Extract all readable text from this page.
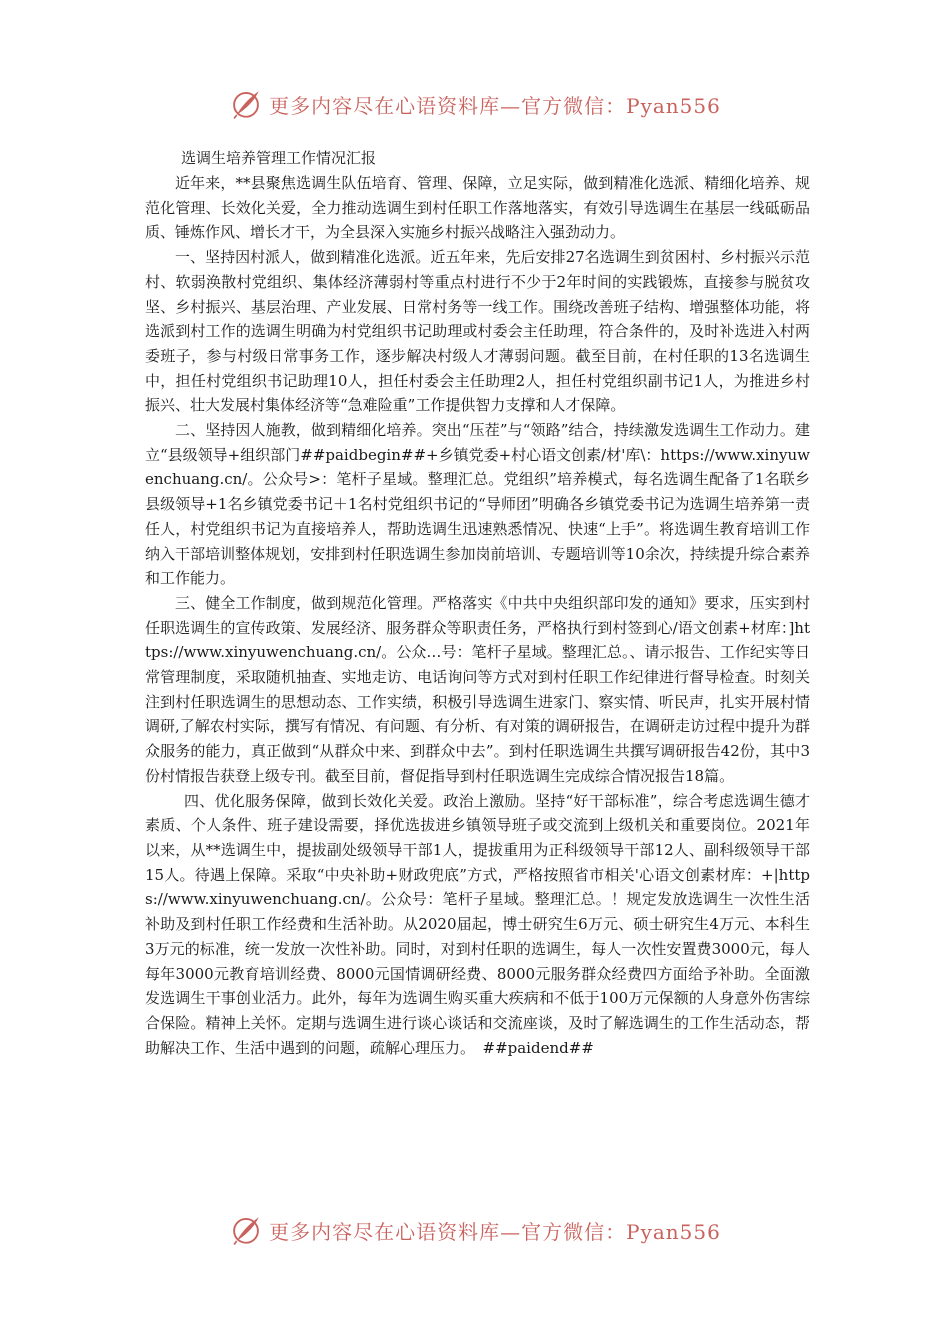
更多内容尽在心语资料库—官方微信：Pyan556
选调生培养管理工作情况汇报

近年来，**县聚焦选调生队伍培育、管理、保障，立足实际，做到精准化选派、精细化培养、规范化管理、长效化关爱，全力推动选调生到村任职工作落地落实，有效引导选调生在基层一线砥砺品质、锤炼作风、增长才干，为全县深入实施乡村振兴战略注入强劲动力。

一、坚持因村派人，做到精准化选派。近五年来，先后安排27名选调生到贫困村、乡村振兴示范村、软弱涣散村党组织、集体经济薄弱村等重点村进行不少于2年时间的实践锻炼，直接参与脱贫攻坚、乡村振兴、基层治理、产业发展、日常村务等一线工作。围绕改善班子结构、增强整体功能，将选派到村工作的选调生明确为村党组织书记助理或村委会主任助理，符合条件的，及时补选进入村两委班子，参与村级日常事务工作，逐步解决村级人才薄弱问题。截至目前，在村任职的13名选调生中，担任村党组织书记助理10人，担任村委会主任助理2人，担任村党组织副书记1人，为推进乡村振兴、壮大发展村集体经济等“急难险重”工作提供智力支撑和人才保障。

二、坚持因人施教，做到精细化培养。突出“压茬”与“领路”结合，持续激发选调生工作动力。建立“县级领导+组织部门##paidbegin##+乡镇党委+村心语文创素/材'库\：https://www.xinyuwenchuang.cn/。公众号>：笔杆子星域。整理汇总。党组织”培养模式，每名选调生配备了1名联乡县级领导+1名乡镇党委书记＋1名村党组织书记的“导师团”明确各乡镇党委书记为选调生培养第一责任人，村党组织书记为直接培养人，帮助选调生迅速熟悉情况、快速“上手”。将选调生教育培训工作纳入干部培训整体规划，安排到村任职选调生参加岗前培训、专题培训等10余次，持续提升综合素养和工作能力。

三、健全工作制度，做到规范化管理。严格落实《中共中央组织部印发的通知》要求，压实到村任职选调生的宣传政策、发展经济、服务群众等职责任务，严格执行到村签到心/语文创素+材库：]https://www.xinyuwenchuang.cn/。公众…号：笔杆子星域。整理汇总。、请示报告、工作纪实等日常管理制度，采取随机抽查、实地走访、电话询问等方式对到村任职工作纪律进行督导检查。时刻关注到村任职选调生的思想动态、工作实绩，积极引导选调生进家门、察实情、听民声，扎实开展村情调研,了解农村实际，撰写有情况、有问题、有分析、有对策的调研报告，在调研走访过程中提升为群众服务的能力，真正做到“从群众中来、到群众中去”。到村任职选调生共撰写调研报告42份，其中3份村情报告获登上级专刊。截至目前，督促指导到村任职选调生完成综合情况报告18篇。

四、优化服务保障，做到长效化关爱。政治上激励。坚持“好干部标准”，综合考虑选调生德才素质、个人条件、班子建设需要，择优选拔进乡镇领导班子或交流到上级机关和重要岗位。2021年以来，从**选调生中，提拔副处级领导干部1人，提拔重用为正科级领导干部12人、副科级领导干部15人。待遇上保障。采取“中央补助+财政兜底”方式，严格按照省市相关'心语文创素材库：+|https://www.xinyuwenchuang.cn/。公众号：笔杆子星域。整理汇总。！规定发放选调生一次性生活补助及到村任职工作经费和生活补助。从2020届起，博士研究生6万元、硕士研究生4万元、本科生3万元的标准，统一发放一次性补助。同时，对到村任职的选调生，每人一次性安置费3000元，每人每年3000元教育培训经费、8000元国情调研经费、8000元服务群众经费四方面给予补助。全面激发选调生干事创业活力。此外，每年为选调生购买重大疾病和不低于100万元保额的人身意外伤害综合保险。精神上关怀。定期与选调生进行谈心谈话和交流座谈，及时了解选调生的工作生活动态，帮助解决工作、生活中遇到的问题，疏解心理压力。　##paidend##

更多内容尽在心语资料库—官方微信：Pyan556
